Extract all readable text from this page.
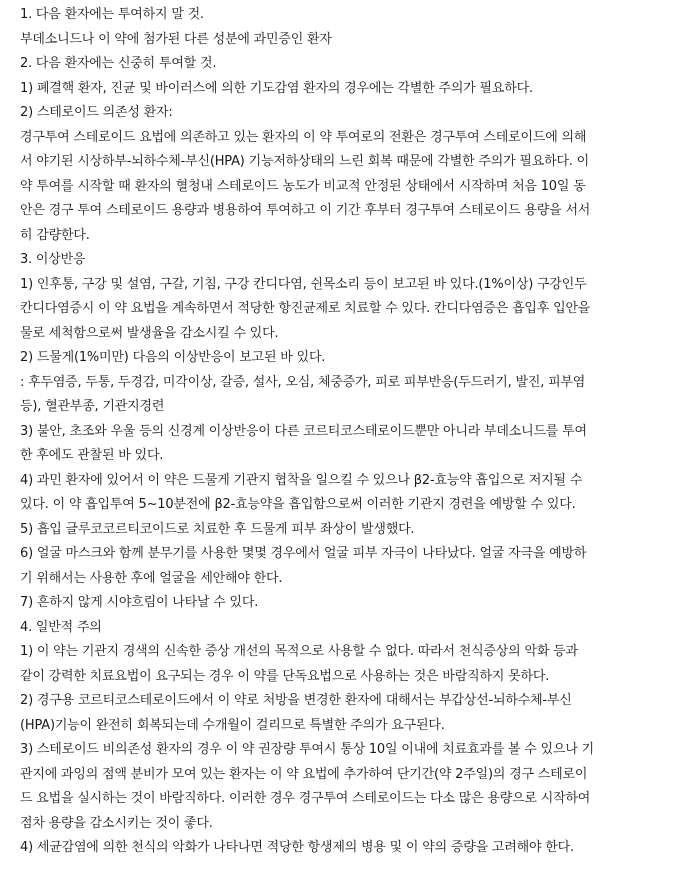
1. 다음 환자에는 투여하지 말 것.
부데소니드나 이 약에 첨가된 다른 성분에 과민증인 환자
2. 다음 환자에는 신중히 투여할 것.
1) 폐결핵 환자, 진균 및 바이러스에 의한 기도감염 환자의 경우에는 각별한 주의가 필요하다.
2) 스테로이드 의존성 환자:
경구투여 스테로이드 요법에 의존하고 있는 환자의 이 약 투여로의 전환은 경구투여 스테로이드에 의해
서 야기된 시상하부-뇌하수체-부신(HPA) 기능저하상태의 느린 회복 때문에 각별한 주의가 필요하다. 이
약 투여를 시작할 때 환자의 혈청내 스테로이드 농도가 비교적 안정된 상태에서 시작하며 처음 10일 동
안은 경구 투여 스테로이드 용량과 병용하여 투여하고 이 기간 후부터 경구투여 스테로이드 용량을 서서
히 감량한다.
3. 이상반응
1) 인후통, 구강 및 설염, 구갈, 기침, 구강 칸디다염, 쉰목소리 등이 보고된 바 있다.(1%이상) 구강인두
칸디다염증시 이 약 요법을 계속하면서 적당한 항진균제로 치료할 수 있다. 칸디다염증은 흡입후 입안을
물로 세척함으로써 발생율을 감소시킬 수 있다.
2) 드물게(1%미만) 다음의 이상반응이 보고된 바 있다.
: 후두염증, 두통, 두경감, 미각이상, 갈증, 설사, 오심, 체중증가, 피로 피부반응(두드러기, 발진, 피부염
등), 혈관부종, 기관지경련
3) 불안, 초조와 우울 등의 신경계 이상반응이 다른 코르티코스테로이드뿐만 아니라 부데소니드를 투여
한 후에도 관찰된 바 있다.
4) 과민 환자에 있어서 이 약은 드물게 기관지 협착을 일으킬 수 있으나 β2-효능약 흡입으로 저지될 수
있다. 이 약 흡입투여 5~10분전에 β2-효능약을 흡입함으로써 이러한 기관지 경련을 예방할 수 있다.
5) 흡입 글루코코르티코이드로 치료한 후 드물게 피부 좌상이 발생했다.
6) 얼굴 마스크와 함께 분무기를 사용한 몇몇 경우에서 얼굴 피부 자극이 나타났다. 얼굴 자극을 예방하
기 위해서는 사용한 후에 얼굴을 세안해야 한다.
7) 흔하지 않게 시야흐림이 나타날 수 있다.
4. 일반적 주의
1) 이 약는 기관지 경색의 신속한 증상 개선의 목적으로 사용할 수 없다. 따라서 천식증상의 악화 등과
같이 강력한 치료요법이 요구되는 경우 이 약를 단독요법으로 사용하는 것은 바람직하지 못하다.
2) 경구용 코르티코스테로이드에서 이 약로 처방을 변경한 환자에 대해서는 부갑상선-뇌하수체-부신
(HPA)기능이 완전히 회복되는데 수개월이 걸리므로 특별한 주의가 요구된다.
3) 스테로이드 비의존성 환자의 경우 이 약 권장량 투여시 통상 10일 이내에 치료효과를 볼 수 있으나 기
관지에 과잉의 점액 분비가 모여 있는 환자는 이 약 요법에 추가하여 단기간(약 2주일)의 경구 스테로이
드 요법을 실시하는 것이 바람직하다. 이러한 경우 경구투여 스테로이드는 다소 많은 용량으로 시작하여
점차 용량을 감소시키는 것이 좋다.
4) 세균감염에 의한 천식의 악화가 나타나면 적당한 항생제의 병용 및 이 약의 증량을 고려해야 한다.
